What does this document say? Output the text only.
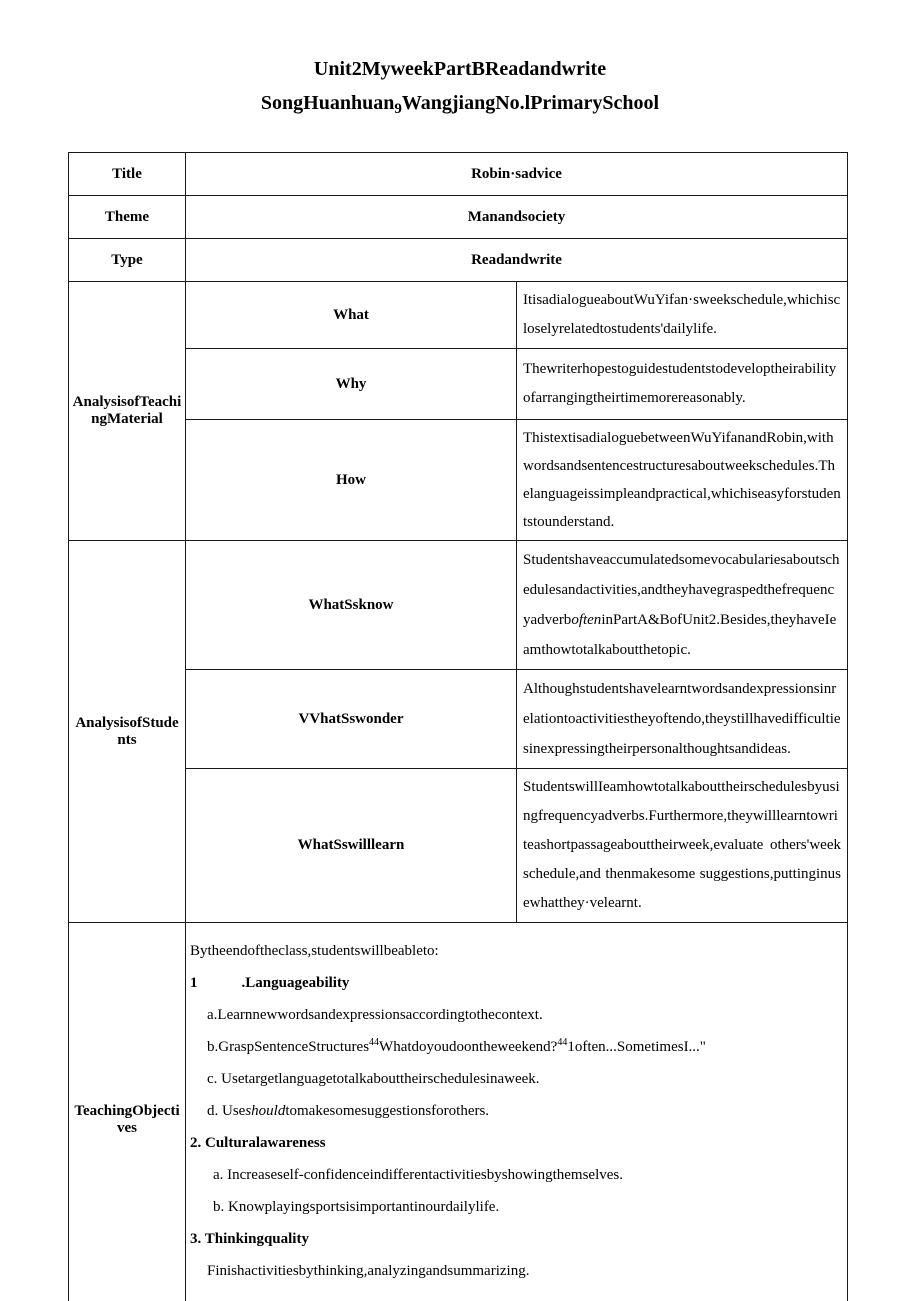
Unit2MyweekPartBReadandwrite
SongHuanhuan$_9$WangjiangNo.lPrimarySchool
Title	Robin·sadvice	
Theme	Manandsociety	
Type	Readandwrite	
AnalysisofTeachingMaterial	What	ItisadialogueaboutWuYifan·sweekschedule,whichiscloselyrelatedtostudents'dailylife.
	Why	Thewriterhopestoguidestudentstodeveloptheirabilityofarrangingtheirtimemorereasonably.
	How	ThistextisadialoguebetweenWuYifanandRobin,withwordsandsentencestructuresaboutweekschedules.Thelanguageissimpleandpractical,whichiseasyforstudentstounderstand.
AnalysisofStudents	WhatSsknow	Studentshaveaccumulatedsomevocabulariesaboutschedulesandactivities,andtheyhavegraspedthefrequencyadverbofteninPartA&BofUnit2.Besides,theyhaveIeamthowtotalkaboutthetopic.
	VVhatSswonder	Althoughstudentshavelearntwordsandexpressionsinrelationtoactivitiestheyoftendo,theystillhavedifficultiesinexpressingtheirpersonalthoughtsandideas.
	WhatSswilllearn	StudentswillIeamhowtotalkabouttheirschedulesbyusingfrequencyadverbs.Furthermore,theywilllearntowriteashortpassageabouttheirweek,evaluate others'week schedule,and thenmakesome suggestions,puttinginusewhatthey·velearnt.
TeachingObjectives	
Bytheendoftheclass,studentswillbeableto:
1	.Languageability
a.Learnnewwordsandexpressionsaccordingtothecontext.
b.GraspSentenceStructures$^{44}$Whatdoyoudoontheweekend?$^{44}$1often...SometimesI..."
c. Usetargetlanguagetotalkabouttheirschedulesinaweek.
d. Useshouldtomakesomesuggestionsforothers.
2. Culturalawareness
a. Increaseself-confidenceindifferentactivitiesbyshowingthemselves.
b. Knowplayingsportsisimportantinourdailylife.
3. Thinkingquality
Finishactivitiesbythinking,analyzingandsummarizing.
